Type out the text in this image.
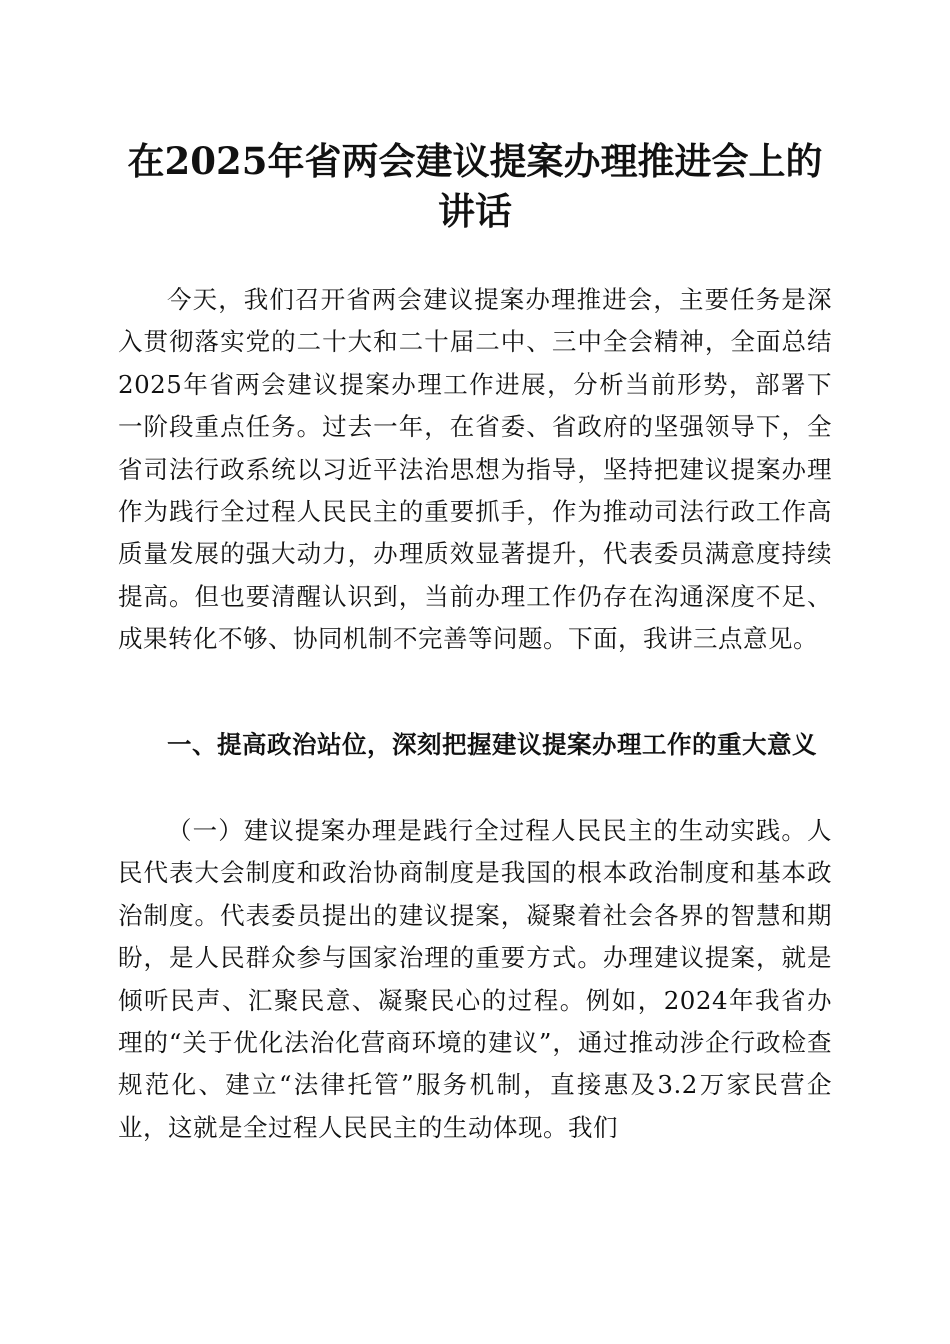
在2025年省两会建议提案办理推进会上的讲话

今天，我们召开省两会建议提案办理推进会，主要任务是深入贯彻落实党的二十大和二十届二中、三中全会精神，全面总结2025年省两会建议提案办理工作进展，分析当前形势，部署下一阶段重点任务。过去一年，在省委、省政府的坚强领导下，全省司法行政系统以习近平法治思想为指导，坚持把建议提案办理作为践行全过程人民民主的重要抓手，作为推动司法行政工作高质量发展的强大动力，办理质效显著提升，代表委员满意度持续提高。但也要清醒认识到，当前办理工作仍存在沟通深度不足、成果转化不够、协同机制不完善等问题。下面，我讲三点意见。

一、提高政治站位，深刻把握建议提案办理工作的重大意义

（一）建议提案办理是践行全过程人民民主的生动实践。人民代表大会制度和政治协商制度是我国的根本政治制度和基本政治制度。代表委员提出的建议提案，凝聚着社会各界的智慧和期盼，是人民群众参与国家治理的重要方式。办理建议提案，就是倾听民声、汇聚民意、凝聚民心的过程。例如，2024年我省办理的“关于优化法治化营商环境的建议”，通过推动涉企行政检查规范化、建立“法律托管”服务机制，直接惠及3.2万家民营企业，这就是全过程人民民主的生动体现。我们
